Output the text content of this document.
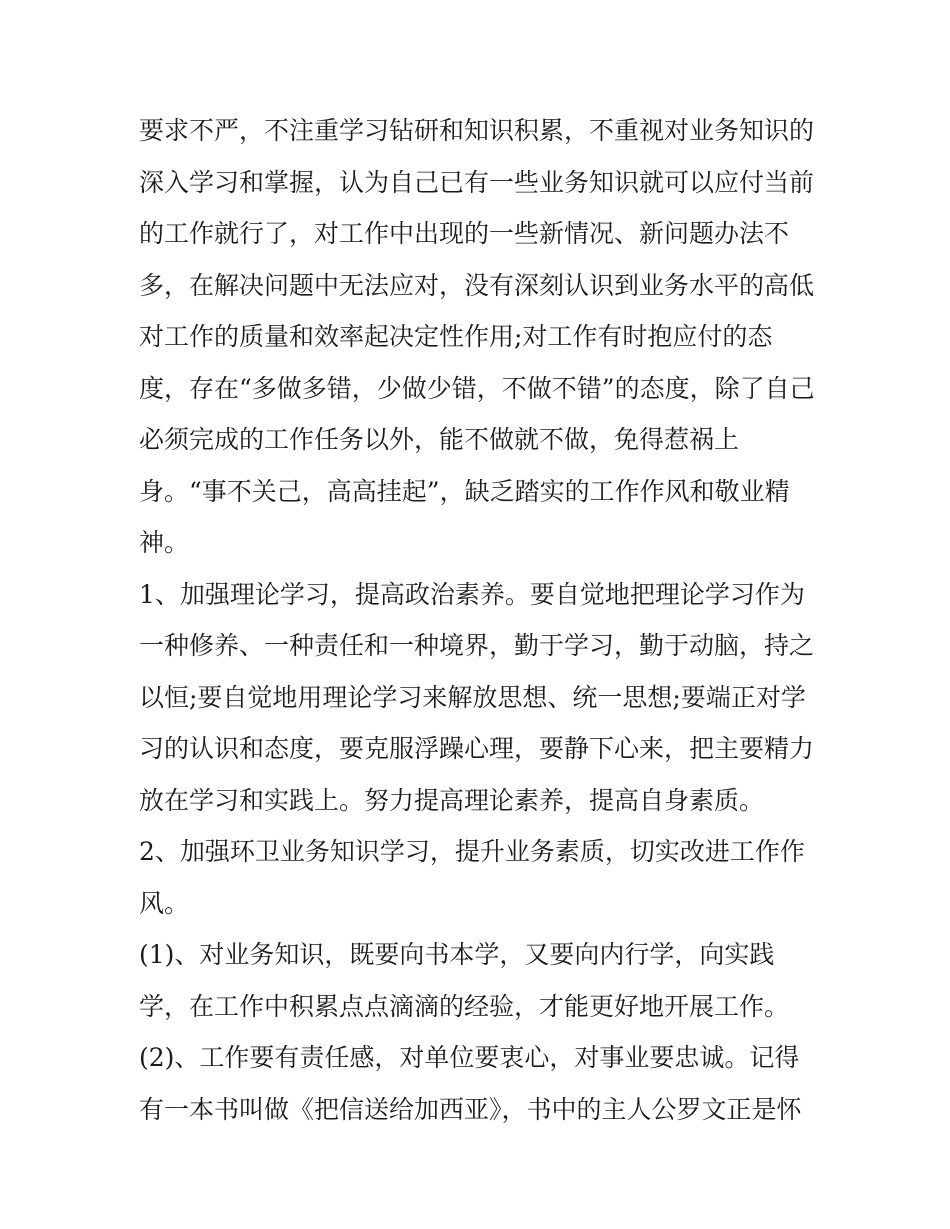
要求不严，不注重学习钻研和知识积累，不重视对业务知识的
深入学习和掌握，认为自己已有一些业务知识就可以应付当前
的工作就行了，对工作中出现的一些新情况、新问题办法不
多，在解决问题中无法应对，没有深刻认识到业务水平的高低
对工作的质量和效率起决定性作用;对工作有时抱应付的态
度，存在“多做多错，少做少错，不做不错”的态度，除了自己
必须完成的工作任务以外，能不做就不做，免得惹祸上
身。“事不关己，高高挂起”，缺乏踏实的工作作风和敬业精
神。
1、加强理论学习，提高政治素养。要自觉地把理论学习作为
一种修养、一种责任和一种境界，勤于学习，勤于动脑，持之
以恒;要自觉地用理论学习来解放思想、统一思想;要端正对学
习的认识和态度，要克服浮躁心理，要静下心来，把主要精力
放在学习和实践上。努力提高理论素养，提高自身素质。
2、加强环卫业务知识学习，提升业务素质，切实改进工作作
风。
(1)、对业务知识，既要向书本学，又要向内行学，向实践
学，在工作中积累点点滴滴的经验，才能更好地开展工作。
(2)、工作要有责任感，对单位要衷心，对事业要忠诚。记得
有一本书叫做《把信送给加西亚》，书中的主人公罗文正是怀
